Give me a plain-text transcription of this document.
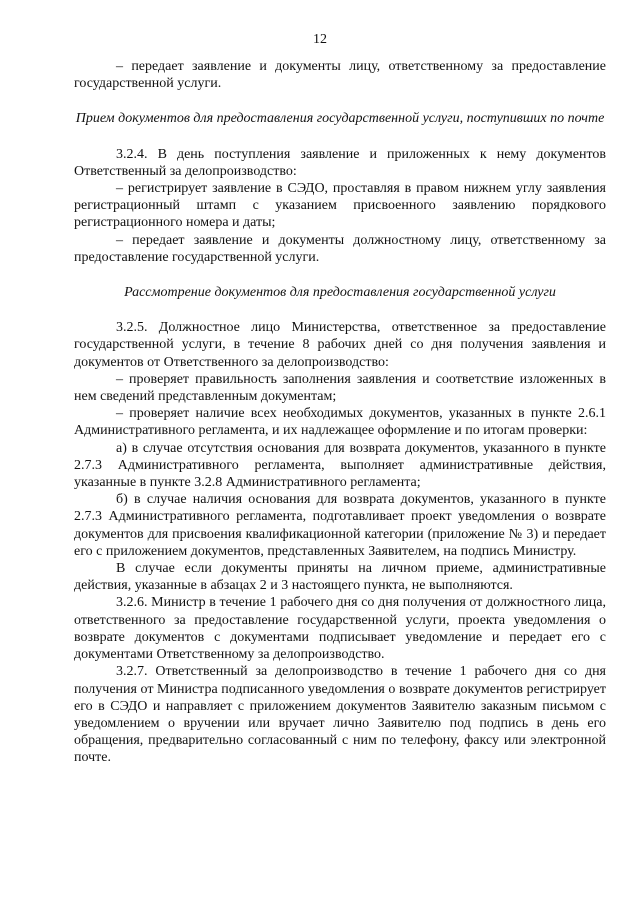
12
– передает заявление и документы лицу, ответственному за предоставление государственной услуги.
Прием документов для предоставления государственной услуги, поступивших по почте
3.2.4. В день поступления заявление и приложенных к нему документов Ответственный за делопроизводство:
– регистрирует заявление в СЭДО, проставляя в правом нижнем углу заявления регистрационный штамп с указанием присвоенного заявлению порядкового регистрационного номера и даты;
– передает заявление и документы должностному лицу, ответственному за предоставление государственной услуги.
Рассмотрение документов для предоставления государственной услуги
3.2.5. Должностное лицо Министерства, ответственное за предоставление государственной услуги, в течение 8 рабочих дней со дня получения заявления и документов от Ответственного за делопроизводство:
– проверяет правильность заполнения заявления и соответствие изложенных в нем сведений представленным документам;
– проверяет наличие всех необходимых документов, указанных в пункте 2.6.1 Административного регламента, и их надлежащее оформление и по итогам проверки:
а) в случае отсутствия основания для возврата документов, указанного в пункте 2.7.3 Административного регламента, выполняет административные действия, указанные в пункте 3.2.8 Административного регламента;
б) в случае наличия основания для возврата документов, указанного в пункте 2.7.3 Административного регламента, подготавливает проект уведомления о возврате документов для присвоения квалификационной категории (приложение № 3) и передает его с приложением документов, представленных Заявителем, на подпись Министру.
В случае если документы приняты на личном приеме, административные действия, указанные в абзацах 2 и 3 настоящего пункта, не выполняются.
3.2.6. Министр в течение 1 рабочего дня со дня получения от должностного лица, ответственного за предоставление государственной услуги, проекта уведомления о возврате документов с документами подписывает уведомление и передает его с документами Ответственному за делопроизводство.
3.2.7. Ответственный за делопроизводство в течение 1 рабочего дня со дня получения от Министра подписанного уведомления о возврате документов регистрирует его в СЭДО и направляет с приложением документов Заявителю заказным письмом с уведомлением о вручении или вручает лично Заявителю под подпись в день его обращения, предварительно согласованный с ним по телефону, факсу или электронной почте.
